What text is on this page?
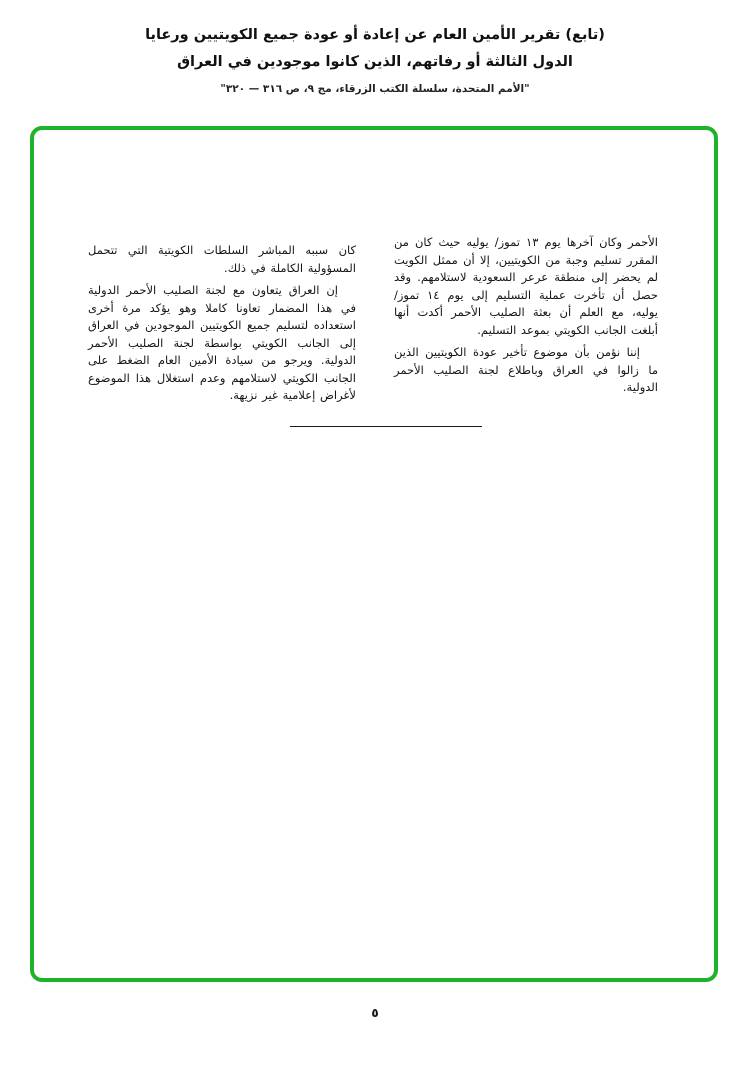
(تابع) تقرير الأمين العام عن إعادة أو عودة جميع الكويتيين ورعايا
الدول الثالثة أو رفاتهم، الذين كانوا موجودين في العراق
"الأمم المتحدة، سلسلة الكتب الزرقاء، مج ٩، ص ٣١٦ — ٣٢٠"

الأحمر وكان آخرها يوم ١٣ تموز/ يوليه حيث كان من المقرر تسليم وجبة من الكويتيين، إلا أن ممثل الكويت لم يحضر إلى منطقة عرعر السعودية لاستلامهم. وقد حصل أن تأخرت عملية التسليم إلى يوم ١٤ تموز/ يوليه، مع العلم أن بعثة الصليب الأحمر أكدت أنها أبلغت الجانب الكويتي بموعد التسليم.

إننا نؤمن بأن موضوع تأخير عودة الكويتيين الذين ما زالوا في العراق وباطلاع لجنة الصليب الأحمر الدولية.

كان سببه المباشر السلطات الكويتية التي تتحمل المسؤولية الكاملة في ذلك.

إن العراق يتعاون مع لجنة الصليب الأحمر الدولية في هذا المضمار تعاونا كاملا وهو يؤكد مرة أخرى استعداده لتسليم جميع الكويتيين الموجودين في العراق إلى الجانب الكويتي بواسطة لجنة الصليب الأحمر الدولية. ويرجو من سيادة الأمين العام الضغط على الجانب الكويتي لاستلامهم وعدم استغلال هذا الموضوع لأغراض إعلامية غير نزيهة.

٥
